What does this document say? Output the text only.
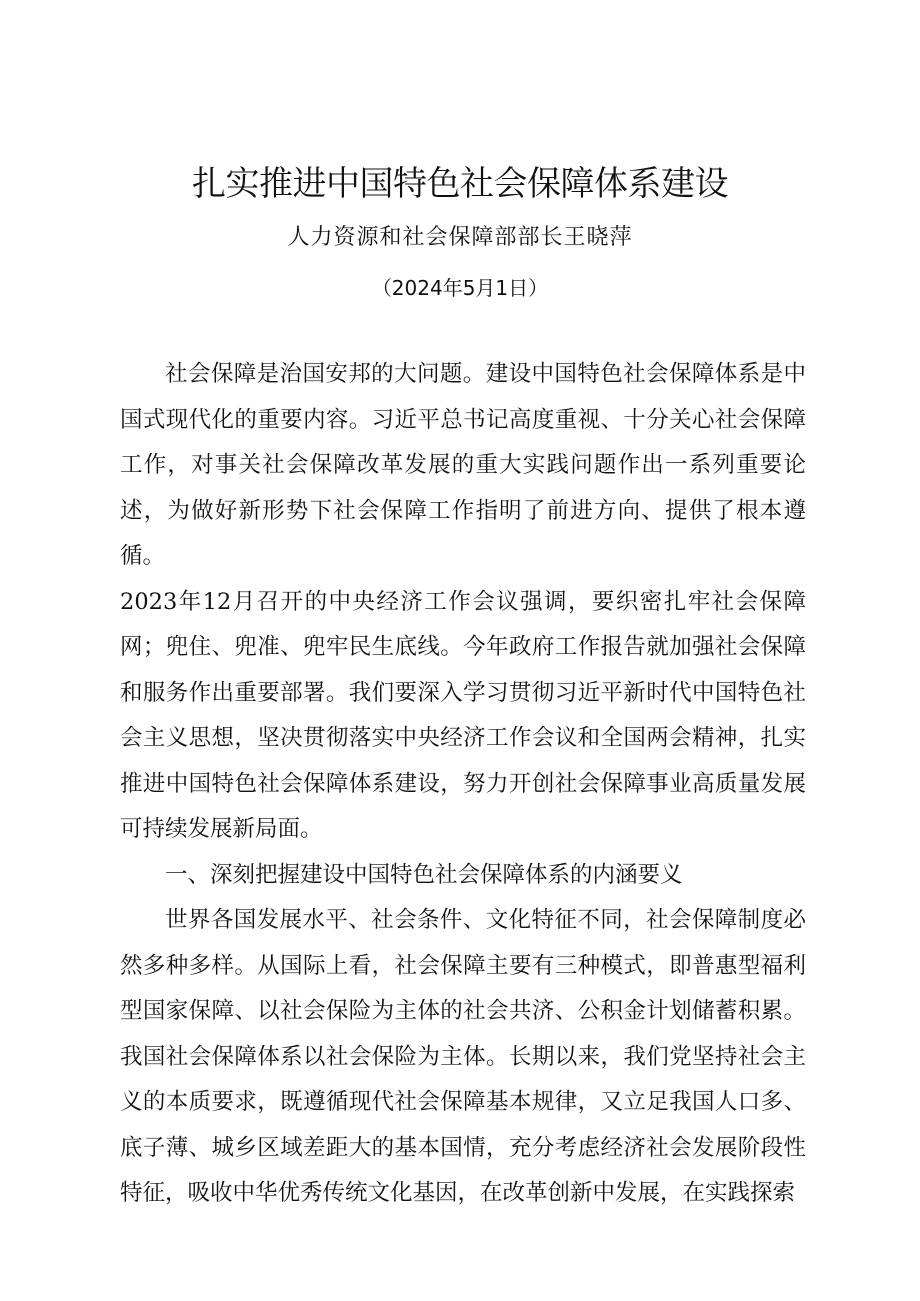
扎实推进中国特色社会保障体系建设
人力资源和社会保障部部长王晓萍
（2024年5月1日）

社会保障是治国安邦的大问题。建设中国特色社会保障体系是中国式现代化的重要内容。习近平总书记高度重视、十分关心社会保障工作，对事关社会保障改革发展的重大实践问题作出一系列重要论述，为做好新形势下社会保障工作指明了前进方向、提供了根本遵循。

2023年12月召开的中央经济工作会议强调，要织密扎牢社会保障网；兜住、兜准、兜牢民生底线。今年政府工作报告就加强社会保障和服务作出重要部署。我们要深入学习贯彻习近平新时代中国特色社会主义思想，坚决贯彻落实中央经济工作会议和全国两会精神，扎实推进中国特色社会保障体系建设，努力开创社会保障事业高质量发展可持续发展新局面。

一、深刻把握建设中国特色社会保障体系的内涵要义

世界各国发展水平、社会条件、文化特征不同，社会保障制度必然多种多样。从国际上看，社会保障主要有三种模式，即普惠型福利型国家保障、以社会保险为主体的社会共济、公积金计划储蓄积累。我国社会保障体系以社会保险为主体。长期以来，我们党坚持社会主义的本质要求，既遵循现代社会保障基本规律，又立足我国人口多、底子薄、城乡区域差距大的基本国情，充分考虑经济社会发展阶段性特征，吸收中华优秀传统文化基因，在改革创新中发展，在实践探索
